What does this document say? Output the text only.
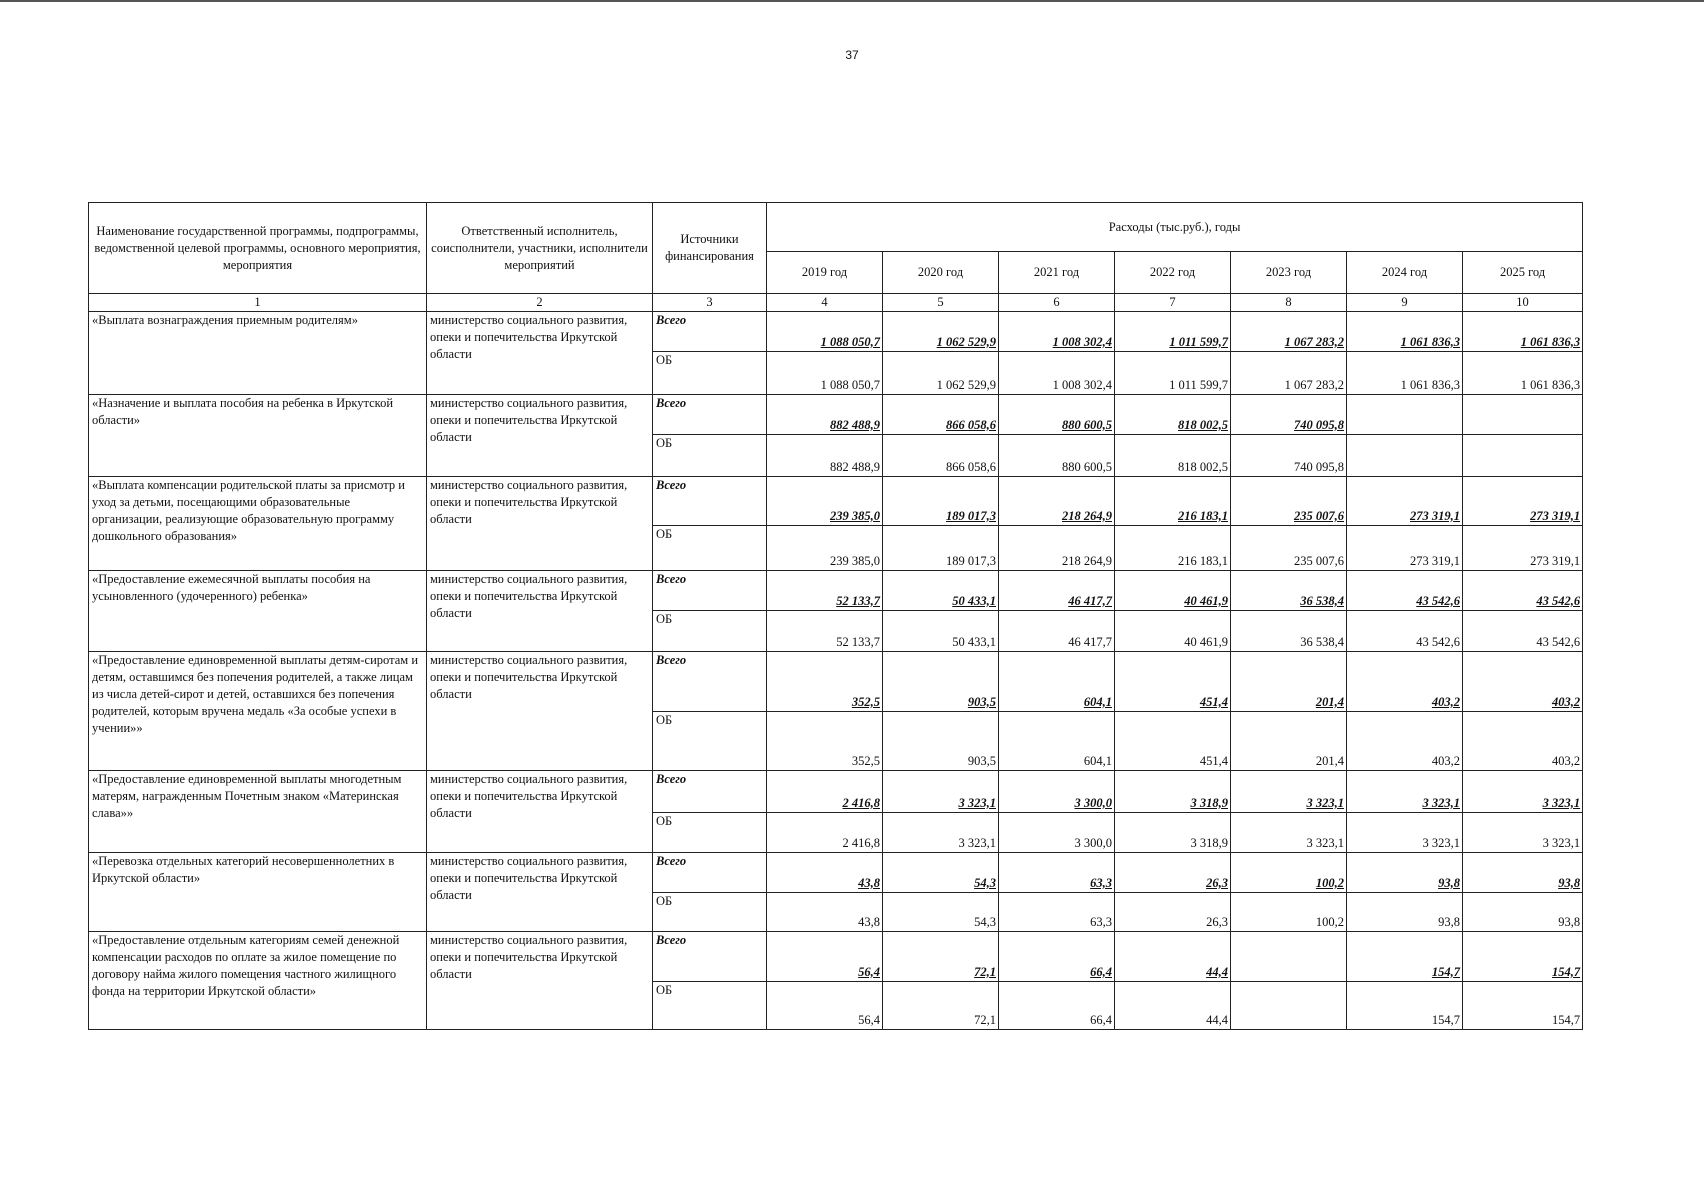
37
Наименование государственной программы, подпрограммы, ведомственной целевой программы, основного мероприятия, мероприятия	Ответственный исполнитель, соисполнители, участники, исполнители мероприятий	Источники финансирования	Расходы (тыс.руб.), годы						
			2019 год	2020 год	2021 год	2022 год	2023 год	2024 год	2025 год
1	2	3	4	5	6	7	8	9	10
«Выплата вознаграждения приемным родителям»	министерство социального развития, опеки и попечительства Иркутской области	Всего	1 088 050,7	1 062 529,9	1 008 302,4	1 011 599,7	1 067 283,2	1 061 836,3	1 061 836,3
		ОБ	1 088 050,7	1 062 529,9	1 008 302,4	1 011 599,7	1 067 283,2	1 061 836,3	1 061 836,3
«Назначение и выплата пособия на ребенка в Иркутской области»	министерство социального развития, опеки и попечительства Иркутской области	Всего	882 488,9	866 058,6	880 600,5	818 002,5	740 095,8		
		ОБ	882 488,9	866 058,6	880 600,5	818 002,5	740 095,8		
«Выплата компенсации родительской платы за присмотр и уход за детьми, посещающими образовательные организации, реализующие образовательную программу дошкольного образования»	министерство социального развития, опеки и попечительства Иркутской области	Всего	239 385,0	189 017,3	218 264,9	216 183,1	235 007,6	273 319,1	273 319,1
		ОБ	239 385,0	189 017,3	218 264,9	216 183,1	235 007,6	273 319,1	273 319,1
«Предоставление ежемесячной выплаты пособия на усыновленного (удочеренного) ребенка»	министерство социального развития, опеки и попечительства Иркутской области	Всего	52 133,7	50 433,1	46 417,7	40 461,9	36 538,4	43 542,6	43 542,6
		ОБ	52 133,7	50 433,1	46 417,7	40 461,9	36 538,4	43 542,6	43 542,6
«Предоставление единовременной выплаты детям-сиротам и детям, оставшимся без попечения родителей, а также лицам из числа детей-сирот и детей, оставшихся без попечения родителей, которым вручена медаль «За особые успехи в учении»»	министерство социального развития, опеки и попечительства Иркутской области	Всего	352,5	903,5	604,1	451,4	201,4	403,2	403,2
		ОБ	352,5	903,5	604,1	451,4	201,4	403,2	403,2
«Предоставление единовременной выплаты многодетным матерям, награжденным Почетным знаком «Материнская слава»»	министерство социального развития, опеки и попечительства Иркутской области	Всего	2 416,8	3 323,1	3 300,0	3 318,9	3 323,1	3 323,1	3 323,1
		ОБ	2 416,8	3 323,1	3 300,0	3 318,9	3 323,1	3 323,1	3 323,1
«Перевозка отдельных категорий несовершеннолетних в Иркутской области»	министерство социального развития, опеки и попечительства Иркутской области	Всего	43,8	54,3	63,3	26,3	100,2	93,8	93,8
		ОБ	43,8	54,3	63,3	26,3	100,2	93,8	93,8
«Предоставление отдельным категориям семей денежной компенсации расходов по оплате за жилое помещение по договору найма жилого помещения частного жилищного фонда на территории Иркутской области»	министерство социального развития, опеки и попечительства Иркутской области	Всего	56,4	72,1	66,4	44,4		154,7	154,7
		ОБ	56,4	72,1	66,4	44,4		154,7	154,7
